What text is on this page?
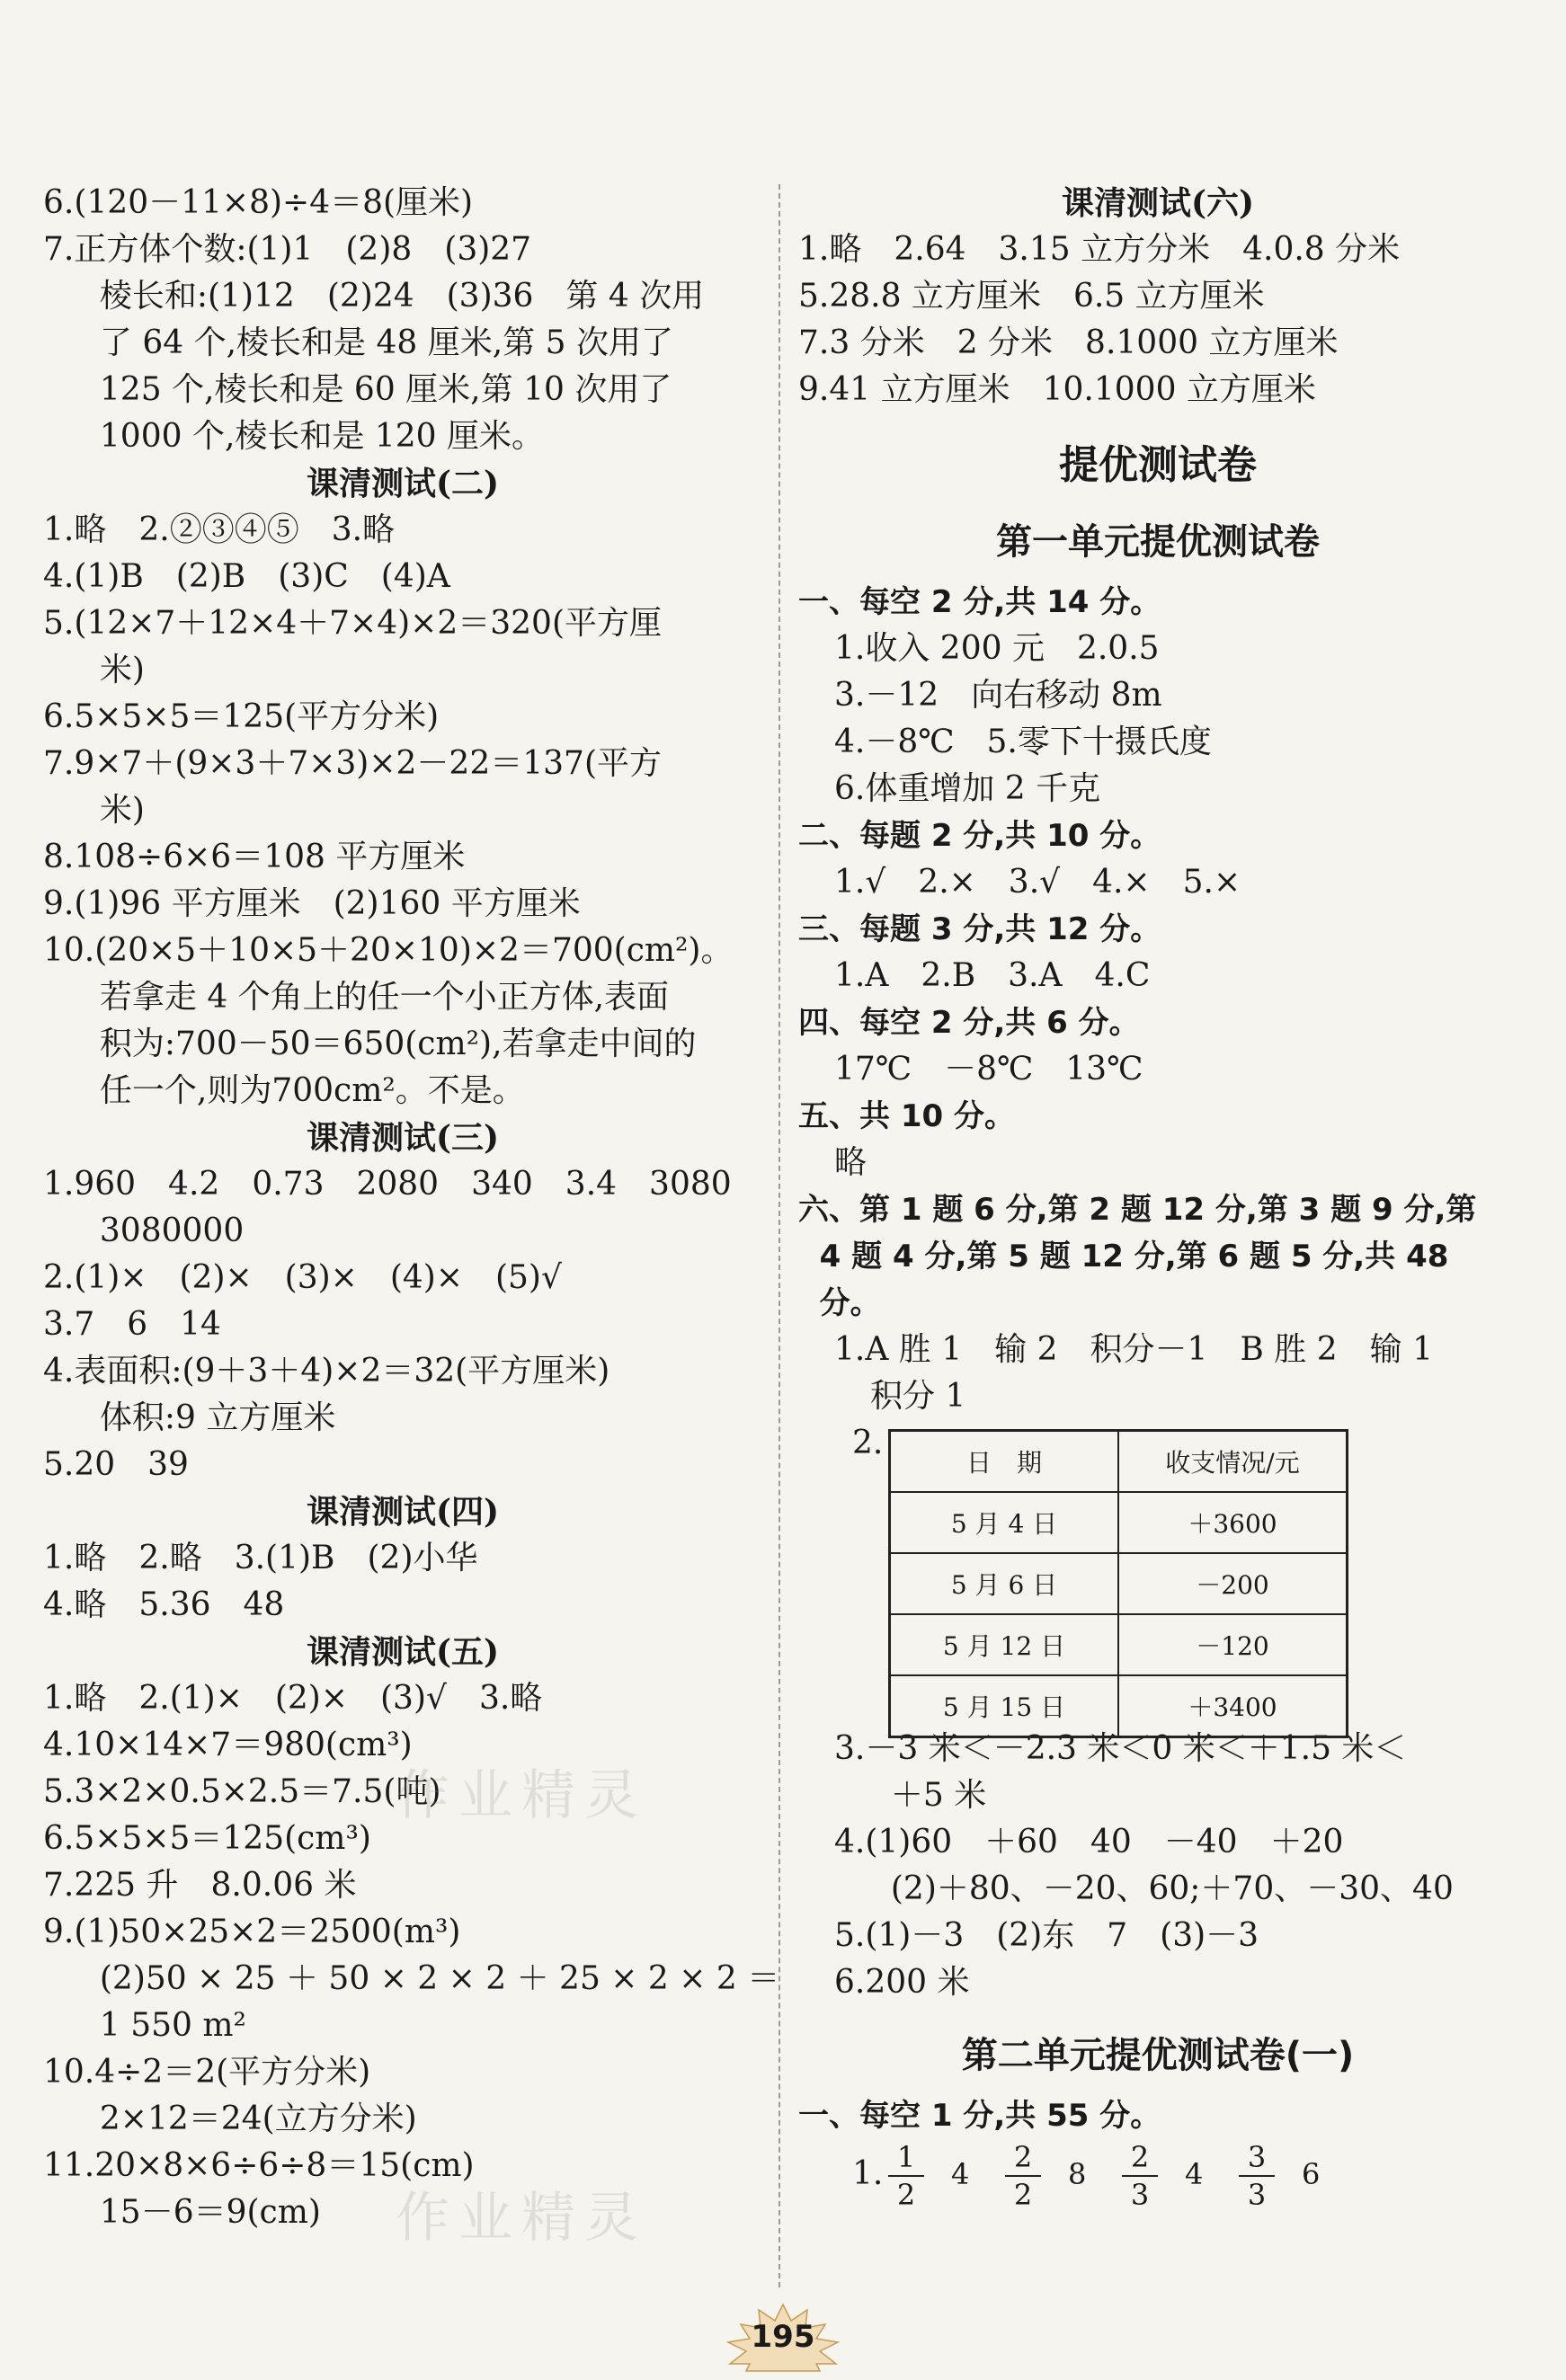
6.(120－11×8)÷4＝8(厘米)
7.正方体个数:(1)1　(2)8　(3)27
棱长和:(1)12　(2)24　(3)36　第 4 次用
了 64 个,棱长和是 48 厘米,第 5 次用了
125 个,棱长和是 60 厘米,第 10 次用了
1000 个,棱长和是 120 厘米。
课清测试(二)
1.略　2.②③④⑤　3.略
4.(1)B　(2)B　(3)C　(4)A
5.(12×7＋12×4＋7×4)×2＝320(平方厘
米)
6.5×5×5＝125(平方分米)
7.9×7＋(9×3＋7×3)×2－22＝137(平方
米)
8.108÷6×6＝108 平方厘米
9.(1)96 平方厘米　(2)160 平方厘米
10.(20×5＋10×5＋20×10)×2＝700(cm²)。
若拿走 4 个角上的任一个小正方体,表面
积为:700－50＝650(cm²),若拿走中间的
任一个,则为700cm²。不是。
课清测试(三)
1.960　4.2　0.73　2080　340　3.4　3080
3080000
2.(1)×　(2)×　(3)×　(4)×　(5)√
3.7　6　14
4.表面积:(9＋3＋4)×2＝32(平方厘米)
体积:9 立方厘米
5.20　39
课清测试(四)
1.略　2.略　3.(1)B　(2)小华
4.略　5.36　48
课清测试(五)
1.略　2.(1)×　(2)×　(3)√　3.略
4.10×14×7＝980(cm³)
5.3×2×0.5×2.5＝7.5(吨)
6.5×5×5＝125(cm³)
7.225 升　8.0.06 米
9.(1)50×25×2＝2500(m³)
(2)50 × 25 ＋ 50 × 2 × 2 ＋ 25 × 2 × 2 ＝
1 550 m²
10.4÷2＝2(平方分米)
2×12＝24(立方分米)
11.20×8×6÷6÷8＝15(cm)
15－6＝9(cm)
课清测试(六)
1.略　2.64　3.15 立方分米　4.0.8 分米
5.28.8 立方厘米　6.5 立方厘米
7.3 分米　2 分米　8.1000 立方厘米
9.41 立方厘米　10.1000 立方厘米
提优测试卷
第一单元提优测试卷
一、每空 2 分,共 14 分。
1.收入 200 元　2.0.5
3.－12　向右移动 8m
4.－8℃　5.零下十摄氏度
6.体重增加 2 千克
二、每题 2 分,共 10 分。
1.√　2.×　3.√　4.×　5.×
三、每题 3 分,共 12 分。
1.A　2.B　3.A　4.C
四、每空 2 分,共 6 分。
17℃　－8℃　13℃
五、共 10 分。
略
六、第 1 题 6 分,第 2 题 12 分,第 3 题 9 分,第
4 题 4 分,第 5 题 12 分,第 6 题 5 分,共 48
分。
1.A 胜 1　输 2　积分－1　B 胜 2　输 1
积分 1
2.
日　期	收支情况/元
5 月 4 日	＋3600
5 月 6 日	－200
5 月 12 日	－120
5 月 15 日	＋3400
3.－3 米＜－2.3 米＜0 米＜＋1.5 米＜
＋5 米
4.(1)60　＋60　40　－40　＋20
(2)＋80、－20、60;＋70、－30、40
5.(1)－3　(2)东　7　(3)－3
6.200 米
第二单元提优测试卷(一)
一、每空 1 分,共 55 分。
1. $\frac{1}{2} 4 \frac{2}{2} 8 \frac{2}{3} 4 \frac{3}{3} 6$
作业精灵
作业精灵
195
